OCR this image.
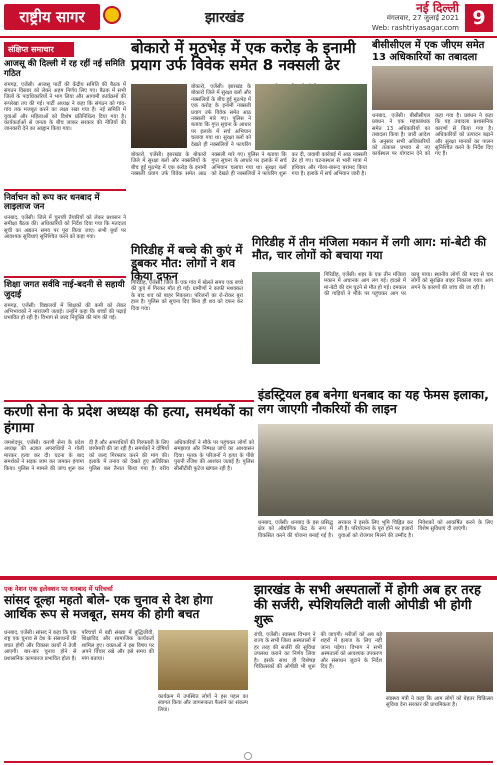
राष्ट्रीय सागर	झारखंड
नई दिल्ली
मंगलवार, 27 जुलाई 2021
Web: rashtriyasagar.com 9
संक्षिप्त समाचार
आजसू की दिल्ली में रह रहीं नई समिति गठित
रामगढ़, एजेंसी। आजसू पार्टी की केंद्रीय समिति की बैठक में संगठन विस्तार को लेकर अहम निर्णय लिए गए। बैठक में सभी जिलों के पदाधिकारियों ने भाग लिया और आगामी कार्यक्रमों की रूपरेखा तय की गई। पार्टी अध्यक्ष ने कहा कि संगठन को गांव-गांव तक मजबूत करने का लक्ष्य रखा गया है। नई समिति में युवाओं और महिलाओं को विशेष प्रतिनिधित्व दिया गया है। कार्यकर्ताओं से जनता के बीच जाकर सरकार की नीतियों की जानकारी देने का आह्वान किया गया।
निर्वाचन को रूप कर धनबाद में लाइलाज जन
धनबाद, एजेंसी। जिले में चुनावी तैयारियों को लेकर प्रशासन ने समीक्षा बैठक की। अधिकारियों को निर्देश दिया गया कि मतदाता सूची का अद्यतन समय पर पूरा किया जाए। सभी बूथों पर आवश्यक सुविधाएं सुनिश्चित करने को कहा गया।
शिक्षा जगत सर्ववि नाई-बदनी से सहायी जुदाई
रामगढ़, एजेंसी। विद्यालयों में शिक्षकों की कमी को लेकर अभिभावकों ने नाराजगी जताई। उन्होंने कहा कि बच्चों की पढ़ाई प्रभावित हो रही है। विभाग से जल्द नियुक्ति की मांग की गई।
बोकारो में मुठभेड़ में एक करोड़ के इनामी प्रयाग उर्फ विवेक समेत 8 नक्सली ढेर
बोकारो, एजेंसी। झारखंड के बोकारो जिले में सुरक्षा बलों और नक्सलियों के बीच हुई मुठभेड़ में एक करोड़ के इनामी नक्सली प्रयाग उर्फ विवेक समेत आठ नक्सली मारे गए। पुलिस ने बताया कि गुप्त सूचना के आधार पर इलाके में सर्च अभियान चलाया गया था। सुरक्षा बलों को देखते ही नक्सलियों ने फायरिंग
बोकारो, एजेंसी। झारखंड के बोकारो जिले में सुरक्षा बलों और नक्सलियों के बीच हुई मुठभेड़ में एक करोड़ के इनामी नक्सली प्रयाग उर्फ विवेक समेत आठ नक्सली मारे गए। पुलिस ने बताया कि गुप्त सूचना के आधार पर इलाके में सर्च अभियान चलाया गया था। सुरक्षा बलों को देखते ही नक्सलियों ने फायरिंग शुरू कर दी, जवाबी कार्रवाई में आठ नक्सली ढेर हो गए। घटनास्थल से भारी मात्रा में हथियार और गोला-बारूद बरामद किया गया है। इलाके में सर्च अभियान जारी है।
बीसीसीएल में एक जीएम समेत 13 अधिकारियों का तबादला
धनबाद, एजेंसी। बीसीसीएल प्रबंधन ने एक महाप्रबंधक समेत 13 अधिकारियों का तबादला किया है। जारी आदेश के अनुसार सभी अधिकारियों को तत्काल प्रभाव से नए कार्यस्थल पर योगदान देने को कहा गया है। प्रबंधन ने कहा कि यह तबादला प्रशासनिक कारणों से किया गया है। अधिकारियों को उत्पादन बढ़ाने और सुरक्षा मानकों का पालन सुनिश्चित करने के निर्देश दिए गए हैं।
गिरिडीह में बच्चे की कुएं में डूबकर मौत: लोगों ने शव किया दफन
गिरिडीह, एजेंसी। जिले के एक गांव में खेलते समय एक बच्चे की कुएं में गिरकर मौत हो गई। ग्रामीणों ने काफी मशक्कत के बाद शव को बाहर निकाला। परिजनों का रो-रोकर बुरा हाल है। पुलिस को सूचना दिए बिना ही शव को दफन कर दिया गया।
गिरिडीह में तीन मंजिला मकान में लगी आग: मां-बेटी की मौत, चार लोगों को बचाया गया
गिरिडीह, एजेंसी। शहर के एक तीन मंजिला मकान में अचानक आग लग गई। हादसे में मां-बेटी की दम घुटने से मौत हो गई। दमकल की गाड़ियों ने मौके पर पहुंचकर आग पर काबू पाया। स्थानीय लोगों की मदद से चार लोगों को सुरक्षित बाहर निकाला गया। आग लगने के कारणों की जांच की जा रही है।
करणी सेना के प्रदेश अध्यक्ष की हत्या, समर्थकों का हंगामा
जमशेदपुर, एजेंसी। करणी सेना के प्रदेश अध्यक्ष की अज्ञात अपराधियों ने गोली मारकर हत्या कर दी। घटना के बाद समर्थकों ने सड़क जाम कर जमकर हंगामा किया। पुलिस ने मामले की जांच शुरू कर दी है और अपराधियों की गिरफ्तारी के लिए छापेमारी की जा रही है। समर्थकों ने दोषियों को जल्द गिरफ्तार करने की मांग की। इलाके में तनाव को देखते हुए अतिरिक्त पुलिस बल तैनात किया गया है। वरीय अधिकारियों ने मौके पर पहुंचकर लोगों को समझाया और निष्पक्ष जांच का आश्वासन दिया। मृतक के परिजनों ने हत्या के पीछे पुरानी रंजिश की आशंका जताई है। पुलिस सीसीटीवी फुटेज खंगाल रही है।
इंडस्ट्रियल हब बनेगा धनबाद का यह फेमस इलाका, लग जाएगी नौकरियों की लाइन
धनबाद, एजेंसी। धनबाद के इस प्रसिद्ध क्षेत्र को औद्योगिक केंद्र के रूप में विकसित करने की योजना बनाई गई है। सरकार ने इसके लिए भूमि चिह्नित कर ली है। परियोजना के पूरा होने पर हजारों युवाओं को रोजगार मिलने की उम्मीद है। निवेशकों को आकर्षित करने के लिए विशेष सुविधाएं दी जाएंगी।
एक नेशन एक इलेक्शन पर धनबाद में परिचर्चा
सांसद दूल्हा महतो बोले- एक चुनाव से देश होगा आर्थिक रूप से मजबूत, समय की होगी बचत
धनबाद, एजेंसी। सांसद ने कहा कि एक राष्ट्र एक चुनाव से देश के संसाधनों की बचत होगी और विकास कार्यों में तेजी आएगी। बार-बार चुनाव होने से प्रशासनिक कामकाज प्रभावित होता है। परिचर्चा में बड़ी संख्या में बुद्धिजीवी, शिक्षाविद और सामाजिक कार्यकर्ता शामिल हुए। वक्ताओं ने इस विषय पर अपने विचार रखे और इसे समय की मांग बताया।
कार्यक्रम में उपस्थित लोगों ने इस पहल का स्वागत किया और जागरूकता फैलाने का संकल्प लिया।
झारखंड के सभी अस्पतालों में होगी अब हर तरह की सर्जरी, स्पेशियलिटी वाली ओपीडी भी होगी शुरू
रांची, एजेंसी। स्वास्थ्य विभाग ने राज्य के सभी जिला अस्पतालों में हर तरह की सर्जरी की सुविधा उपलब्ध कराने का निर्णय लिया है। इसके साथ ही विशेषज्ञ चिकित्सकों की ओपीडी भी शुरू की जाएगी। मरीजों को अब बड़े शहरों में इलाज के लिए नहीं जाना पड़ेगा। विभाग ने सभी अस्पतालों को आवश्यक उपकरण और संसाधन जुटाने के निर्देश दिए हैं।
स्वास्थ्य मंत्री ने कहा कि आम लोगों को बेहतर चिकित्सा सुविधा देना सरकार की प्राथमिकता है।
